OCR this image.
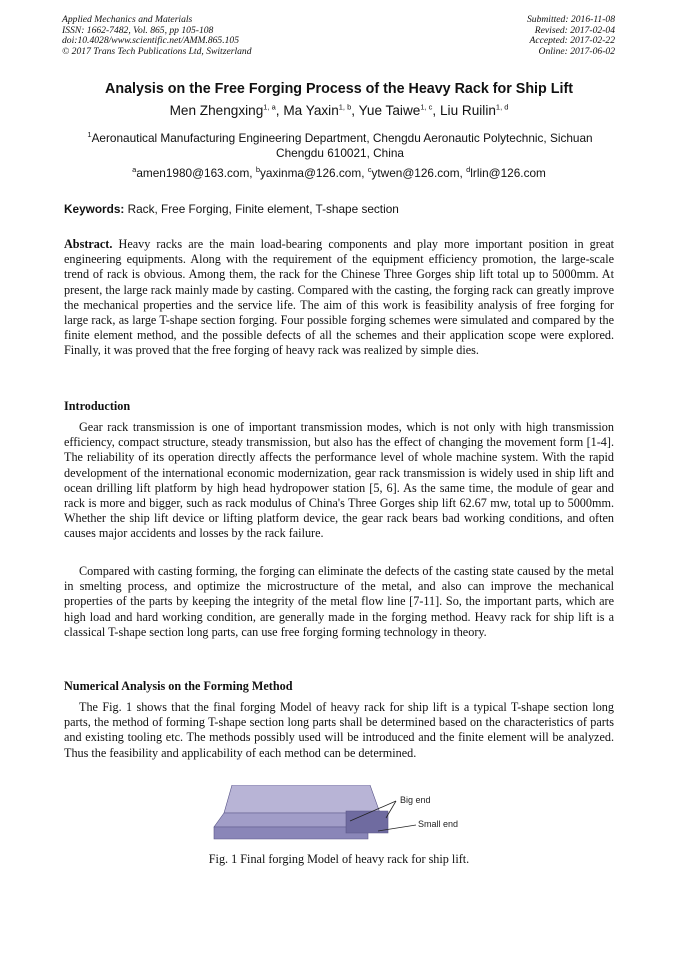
Applied Mechanics and Materials
ISSN: 1662-7482, Vol. 865, pp 105-108
doi:10.4028/www.scientific.net/AMM.865.105
© 2017 Trans Tech Publications Ltd, Switzerland
Submitted: 2016-11-08
Revised: 2017-02-04
Accepted: 2017-02-22
Online: 2017-06-02
Analysis on the Free Forging Process of the Heavy Rack for Ship Lift
Men Zhengxing$^{1, a}$, Ma Yaxin$^{1, b}$, Yue Taiwe$^{1, c}$, Liu Ruilin$^{1, d}$
$^1$Aeronautical Manufacturing Engineering Department, Chengdu Aeronautic Polytechnic, Sichuan Chengdu 610021, China
$^a$amen1980@163.com, $^b$yaxinma@126.com, $^c$ytwen@126.com, $^d$lrlin@126.com
Keywords: Rack, Free Forging, Finite element, T-shape section
Abstract. Heavy racks are the main load-bearing components and play more important position in great engineering equipments. Along with the requirement of the equipment efficiency promotion, the large-scale trend of rack is obvious. Among them, the rack for the Chinese Three Gorges ship lift total up to 5000mm. At present, the large rack mainly made by casting. Compared with the casting, the forging rack can greatly improve the mechanical properties and the service life. The aim of this work is feasibility analysis of free forging for large rack, as large T-shape section forging. Four possible forging schemes were simulated and compared by the finite element method, and the possible defects of all the schemes and their application scope were explored. Finally, it was proved that the free forging of heavy rack was realized by simple dies.
Introduction
Gear rack transmission is one of important transmission modes, which is not only with high transmission efficiency, compact structure, steady transmission, but also has the effect of changing the movement form [1-4]. The reliability of its operation directly affects the performance level of whole machine system. With the rapid development of the international economic modernization, gear rack transmission is widely used in ship lift and ocean drilling lift platform by high head hydropower station [5, 6]. As the same time, the module of gear and rack is more and bigger, such as rack modulus of China's Three Gorges ship lift 62.67 mw, total up to 5000mm. Whether the ship lift device or lifting platform device, the gear rack bears bad working conditions, and often causes major accidents and losses by the rack failure.
Compared with casting forming, the forging can eliminate the defects of the casting state caused by the metal in smelting process, and optimize the microstructure of the metal, and also can improve the mechanical properties of the parts by keeping the integrity of the metal flow line [7-11]. So, the important parts, which are high load and hard working condition, are generally made in the forging method. Heavy rack for ship lift is a classical T-shape section long parts, can use free forging forming technology in theory.
Numerical Analysis on the Forming Method
The Fig. 1 shows that the final forging Model of heavy rack for ship lift is a typical T-shape section long parts, the method of forming T-shape section long parts shall be determined based on the characteristics of parts and existing tooling etc. The methods possibly used will be introduced and the finite element will be analyzed. Thus the feasibility and applicability of each method can be determined.
Big end
Small end
Fig. 1 Final forging Model of heavy rack for ship lift.
